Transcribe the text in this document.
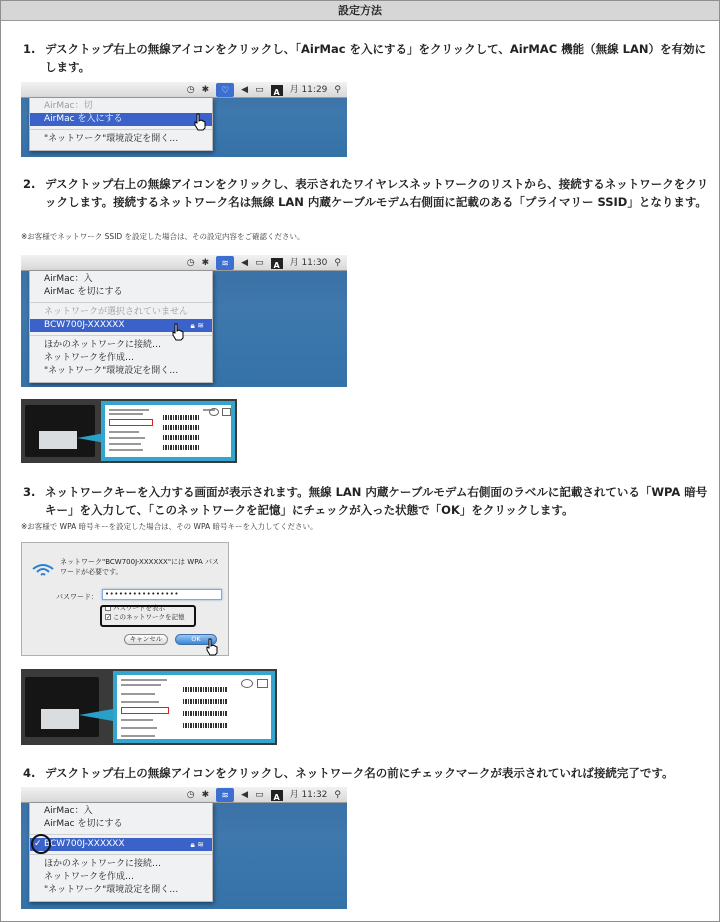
設定方法
1. デスクトップ右上の無線アイコンをクリックし、「AirMac を入にする」をクリックして、AirMAC 機能（無線 LAN）を有効にします。
◷ ✱	♡	◀ ▭	A	月 11:29 ⚲
AirMac：切
AirMac を入にする
"ネットワーク"環境設定を開く…
2. デスクトップ右上の無線アイコンをクリックし、表示されたワイヤレスネットワークのリストから、接続するネットワークをクリックします。接続するネットワーク名は無線 LAN 内蔵ケーブルモデム右側面に記載のある「プライマリー SSID」となります。
※お客様でネットワーク SSID を設定した場合は、その設定内容をご確認ください。
◷ ✱	≋	◀ ▭	A	月 11:30 ⚲
AirMac：入
AirMac を切にする
ネットワークが選択されていません
BCW700J-XXXXXX	🔒︎ ≋
ほかのネットワークに接続…
ネットワークを作成…
"ネットワーク"環境設定を開く…
3. ネットワークキーを入力する画面が表示されます。無線 LAN 内蔵ケーブルモデム右側面のラベルに記載されている「WPA 暗号キー」を入力して、「このネットワークを記憶」にチェックが入った状態で「OK」をクリックします。
※お客様で WPA 暗号キーを設定した場合は、その WPA 暗号キーを入力してください。
ネットワーク"BCW700J-XXXXXX"には WPA パスワードが必要です。
パスワード：	••••••••••••••••
パスワードを表示
✓ このネットワークを記憶
キャンセル	OK
4. デスクトップ右上の無線アイコンをクリックし、ネットワーク名の前にチェックマークが表示されていれば接続完了です。
◷ ✱	≋	◀ ▭	A	月 11:32 ⚲
AirMac：入
AirMac を切にする
✓ BCW700J-XXXXXX	🔒︎ ≋
ほかのネットワークに接続…
ネットワークを作成…
"ネットワーク"環境設定を開く…
